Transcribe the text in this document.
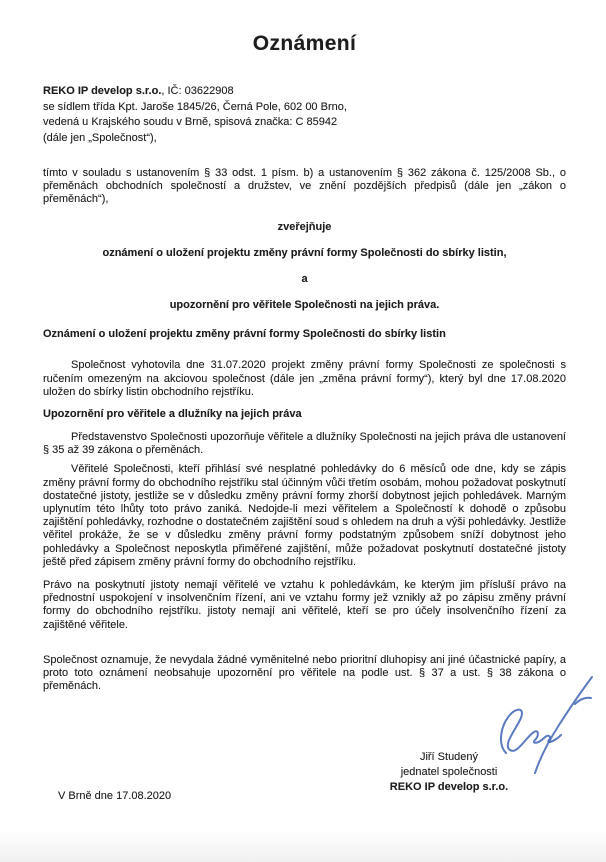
Oznámení
REKO IP develop s.r.o., IČ: 03622908
se sídlem třída Kpt. Jaroše 1845/26, Černá Pole, 602 00 Brno,
vedená u Krajského soudu v Brně, spisová značka: C 85942
(dále jen „Společnost“),

tímto v souladu s ustanovením § 33 odst. 1 písm. b) a ustanovením § 362 zákona č. 125/2008 Sb., o přeměnách obchodních společností a družstev, ve znění pozdějších předpisů (dále jen „zákon o přeměnách“),

zveřejňuje

oznámení o uložení projektu změny právní formy Společnosti do sbírky listin,

a

upozornění pro věřitele Společnosti na jejich práva.

Oznámení o uložení projektu změny právní formy Společnosti do sbírky listin

Společnost vyhotovila dne 31.07.2020 projekt změny právní formy Společnosti ze společnosti s ručením omezeným na akciovou společnost (dále jen „změna právní formy“), který byl dne 17.08.2020 uložen do sbírky listin obchodního rejstříku.

Upozornění pro věřitele a dlužníky na jejich práva

Představenstvo Společnosti upozorňuje věřitele a dlužníky Společnosti na jejich práva dle ustanovení § 35 až 39 zákona o přeměnách.

Věřitelé Společnosti, kteří přihlásí své nesplatné pohledávky do 6 měsíců ode dne, kdy se zápis změny právní formy do obchodního rejstříku stal účinným vůči třetím osobám, mohou požadovat poskytnutí dostatečné jistoty, jestliže se v důsledku změny právní formy zhorší dobytnost jejich pohledávek. Marným uplynutím této lhůty toto právo zaniká. Nedojde-li mezi věřitelem a Společností k dohodě o způsobu zajištění pohledávky, rozhodne o dostatečném zajištění soud s ohledem na druh a výši pohledávky. Jestliže věřitel prokáže, že se v důsledku změny právní formy podstatným způsobem sníží dobytnost jeho pohledávky a Společnost neposkytla přiměřené zajištění, může požadovat poskytnutí dostatečné jistoty ještě před zápisem změny právní formy do obchodního rejstříku.

Právo na poskytnutí jistoty nemají věřitelé ve vztahu k pohledávkám, ke kterým jim přísluší právo na přednostní uspokojení v insolvenčním řízení, ani ve vztahu formy jež vznikly až po zápisu změny právní formy do obchodního rejstříku. jistoty nemají ani věřitelé, kteří se pro účely insolvenčního řízení za zajištěné věřitele.

Společnost oznamuje, že nevydala žádné vyměnitelné nebo prioritní dluhopisy ani jiné účastnické papíry, a proto toto oznámení neobsahuje upozornění pro věřitele na podle ust. § 37 a ust. § 38 zákona o přeměnách.

Jiří Studený
jednatel společnosti
REKO IP develop s.r.o.
V Brně dne 17.08.2020
